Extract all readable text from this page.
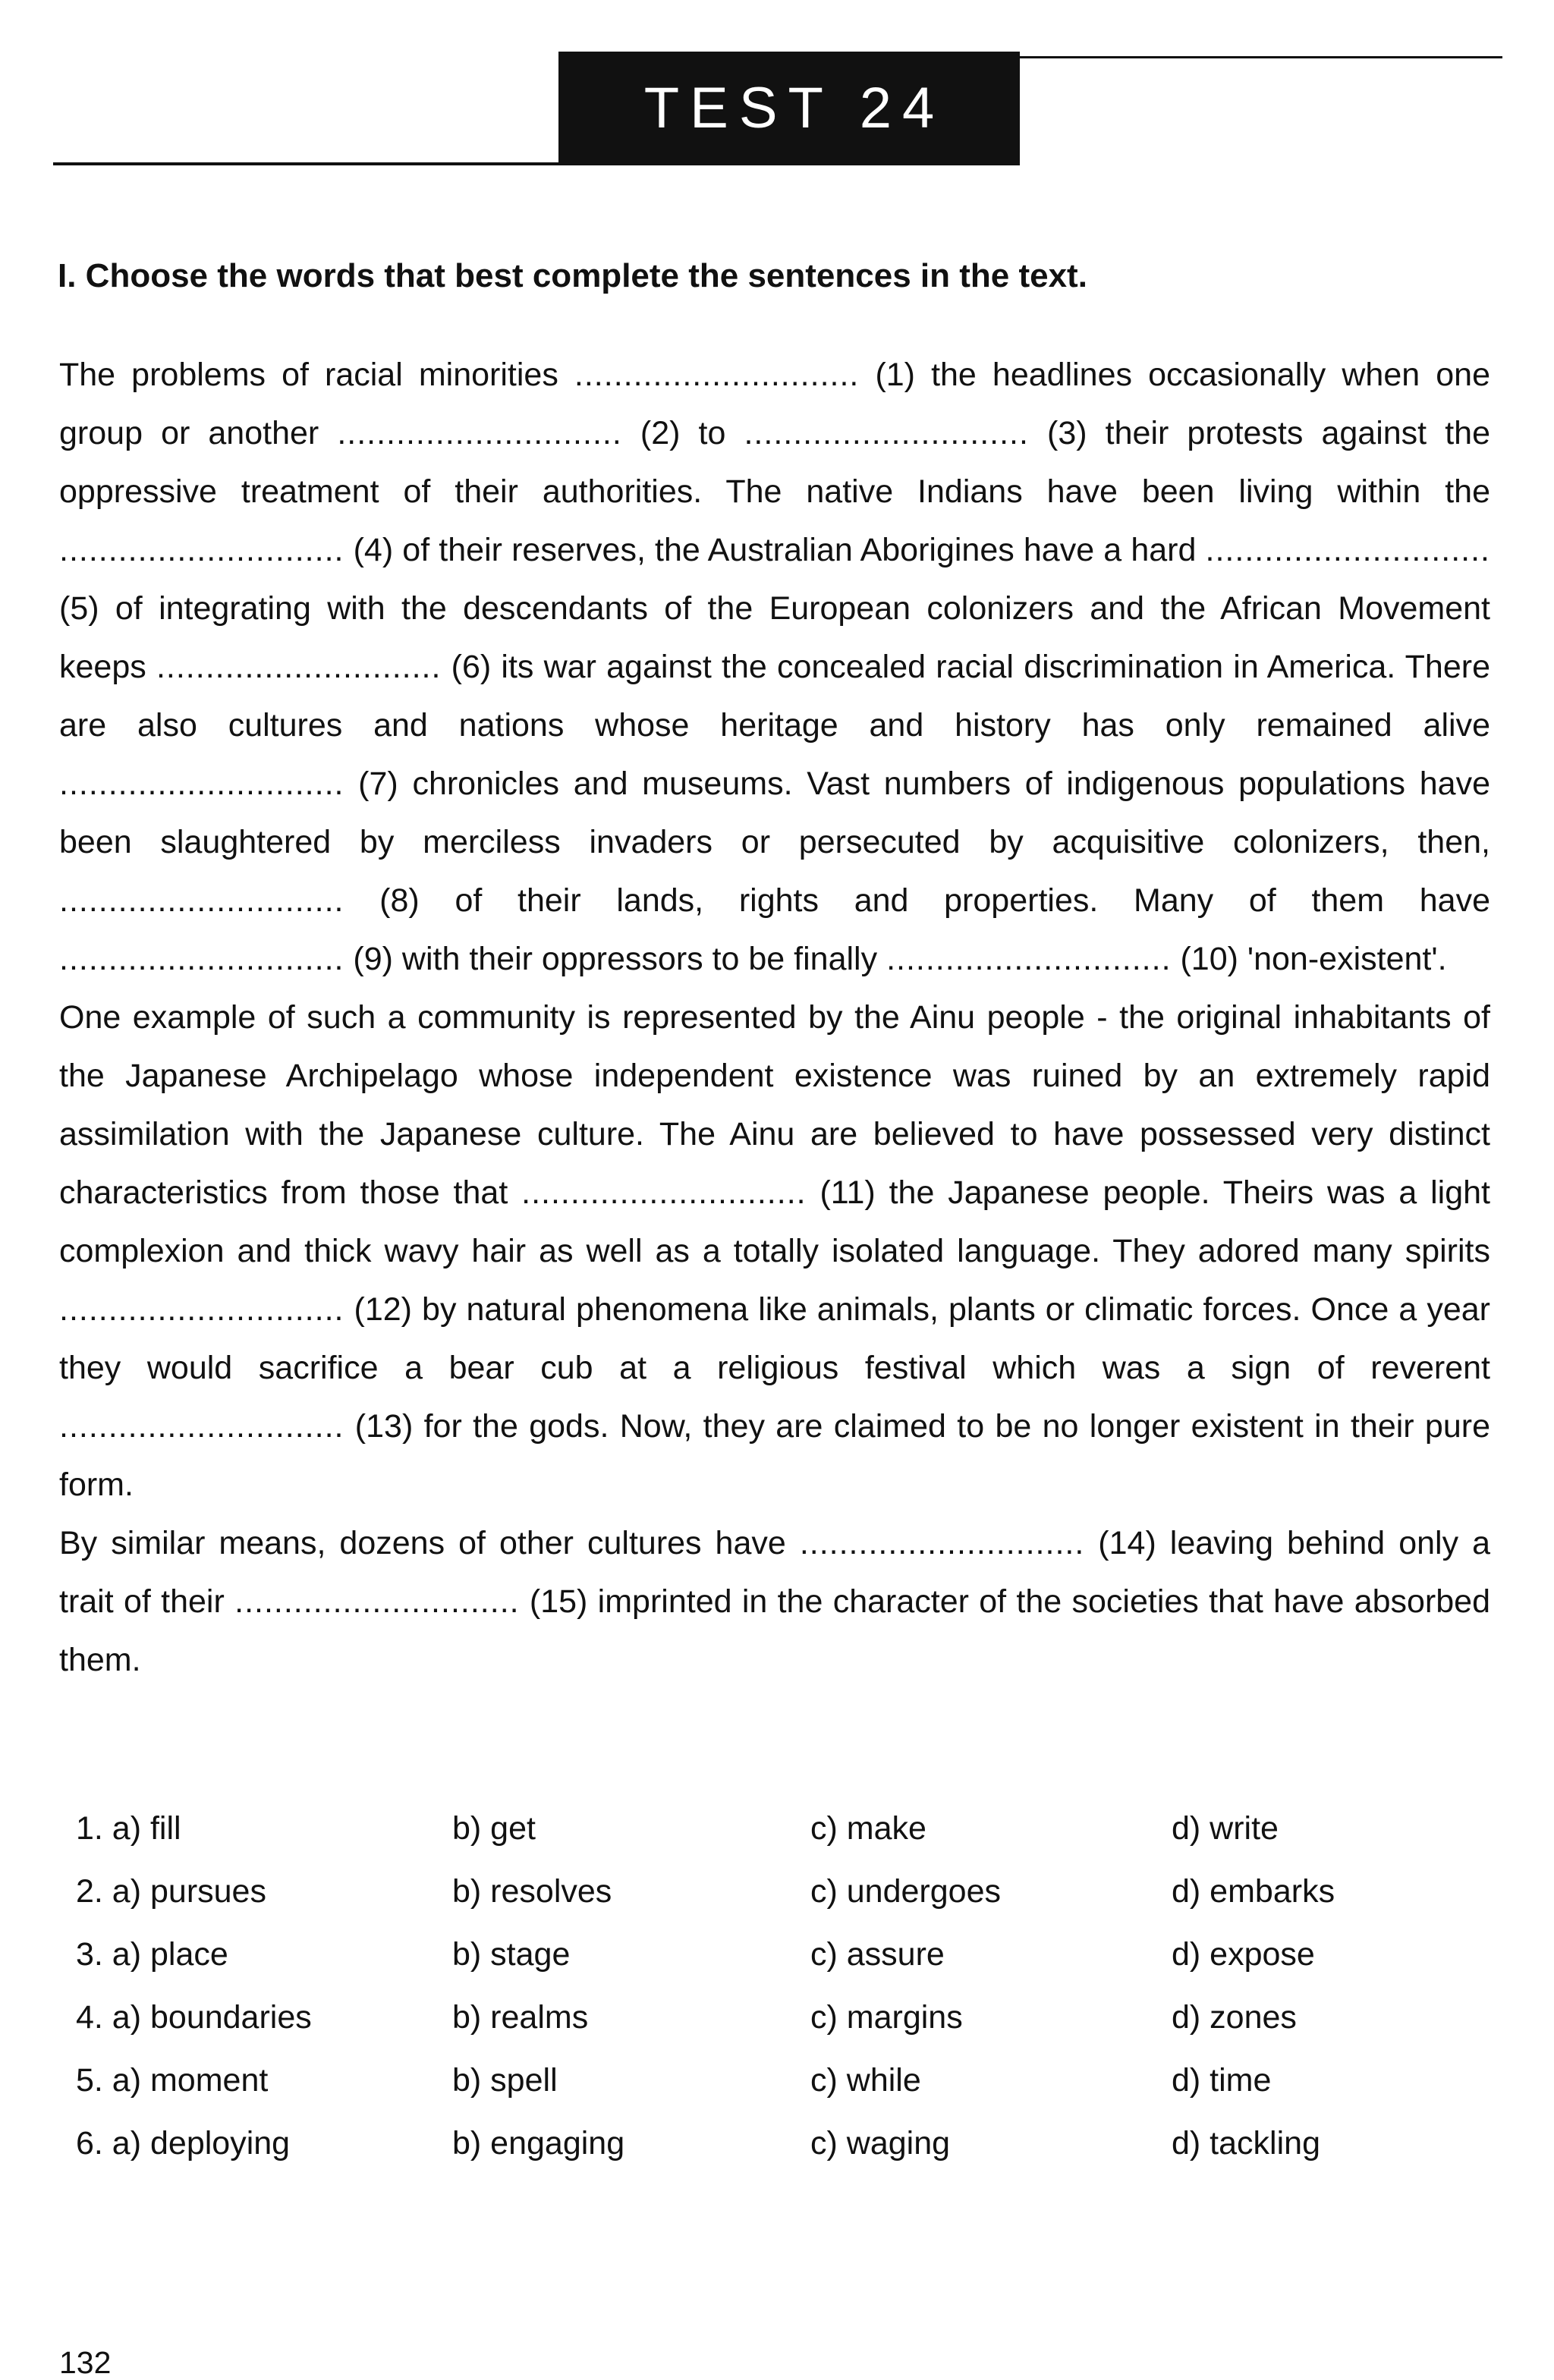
TEST 24
I. Choose the words that best complete the sentences in the text.

The problems of racial minorities ............................. (1) the headlines occasionally when one group or another ............................. (2) to ............................. (3) their protests against the oppressive treatment of their authorities. The native Indians have been living within the ............................. (4) of their reserves, the Australian Aborigines have a hard ............................. (5) of integrating with the descendants of the European colonizers and the African Movement keeps ............................. (6) its war against the concealed racial discrimination in America. There are also cultures and nations whose heritage and history has only remained alive ............................. (7) chronicles and museums. Vast numbers of indigenous populations have been slaughtered by merciless invaders or persecuted by acquisitive colonizers, then, ............................. (8) of their lands, rights and properties. Many of them have ............................. (9) with their oppressors to be finally ............................. (10) 'non-existent'.

One example of such a community is represented by the Ainu people - the original inhabitants of the Japanese Archipelago whose independent existence was ruined by an extremely rapid assimilation with the Japanese culture. The Ainu are believed to have possessed very distinct characteristics from those that ............................. (11) the Japanese people. Theirs was a light complexion and thick wavy hair as well as a totally isolated language. They adored many spirits ............................. (12) by natural phenomena like animals, plants or climatic forces. Once a year they would sacrifice a bear cub at a religious festival which was a sign of reverent ............................. (13) for the gods. Now, they are claimed to be no longer existent in their pure form.

By similar means, dozens of other cultures have ............................. (14) leaving behind only a trait of their ............................. (15) imprinted in the character of the societies that have absorbed them.

1. a) fill	b) get	c) make	d) write
2. a) pursues	b) resolves	c) undergoes	d) embarks
3. a) place	b) stage	c) assure	d) expose
4. a) boundaries	b) realms	c) margins	d) zones
5. a) moment	b) spell	c) while	d) time
6. a) deploying	b) engaging	c) waging	d) tackling
132
